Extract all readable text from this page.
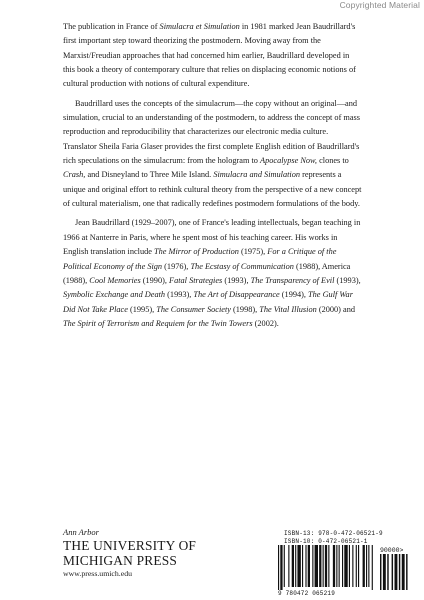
Copyrighted Material

The publication in France of Simulacra et Simulation in 1981 marked Jean Baudrillard's first important step toward theorizing the postmodern. Moving away from the Marxist/Freudian approaches that had concerned him earlier, Baudrillard developed in this book a theory of contemporary culture that relies on displacing economic notions of cultural production with notions of cultural expenditure.

Baudrillard uses the concepts of the simulacrum—the copy without an original—and simulation, crucial to an understanding of the postmodern, to address the concept of mass reproduction and reproducibility that characterizes our electronic media culture. Translator Sheila Faria Glaser provides the first complete English edition of Baudrillard's rich speculations on the simulacrum: from the hologram to Apocalypse Now, clones to Crash, and Disneyland to Three Mile Island. Simulacra and Simulation represents a unique and original effort to rethink cultural theory from the perspective of a new concept of cultural materialism, one that radically redefines postmodern formulations of the body.

Jean Baudrillard (1929–2007), one of France's leading intellectuals, began teaching in 1966 at Nanterre in Paris, where he spent most of his teaching career. His works in English translation include The Mirror of Production (1975), For a Critique of the Political Economy of the Sign (1976), The Ecstasy of Communication (1988), America (1988), Cool Memories (1990), Fatal Strategies (1993), The Transparency of Evil (1993), Symbolic Exchange and Death (1993), The Art of Disappearance (1994), The Gulf War Did Not Take Place (1995), The Consumer Society (1998), The Vital Illusion (2000) and The Spirit of Terrorism and Requiem for the Twin Towers (2002).

Ann Arbor
THE UNIVERSITY OF
MICHIGAN PRESS
www.press.umich.edu
ISBN-13: 978-0-472-06521-9
ISBN-10: 0-472-06521-1
90000>
9 780472 065219
